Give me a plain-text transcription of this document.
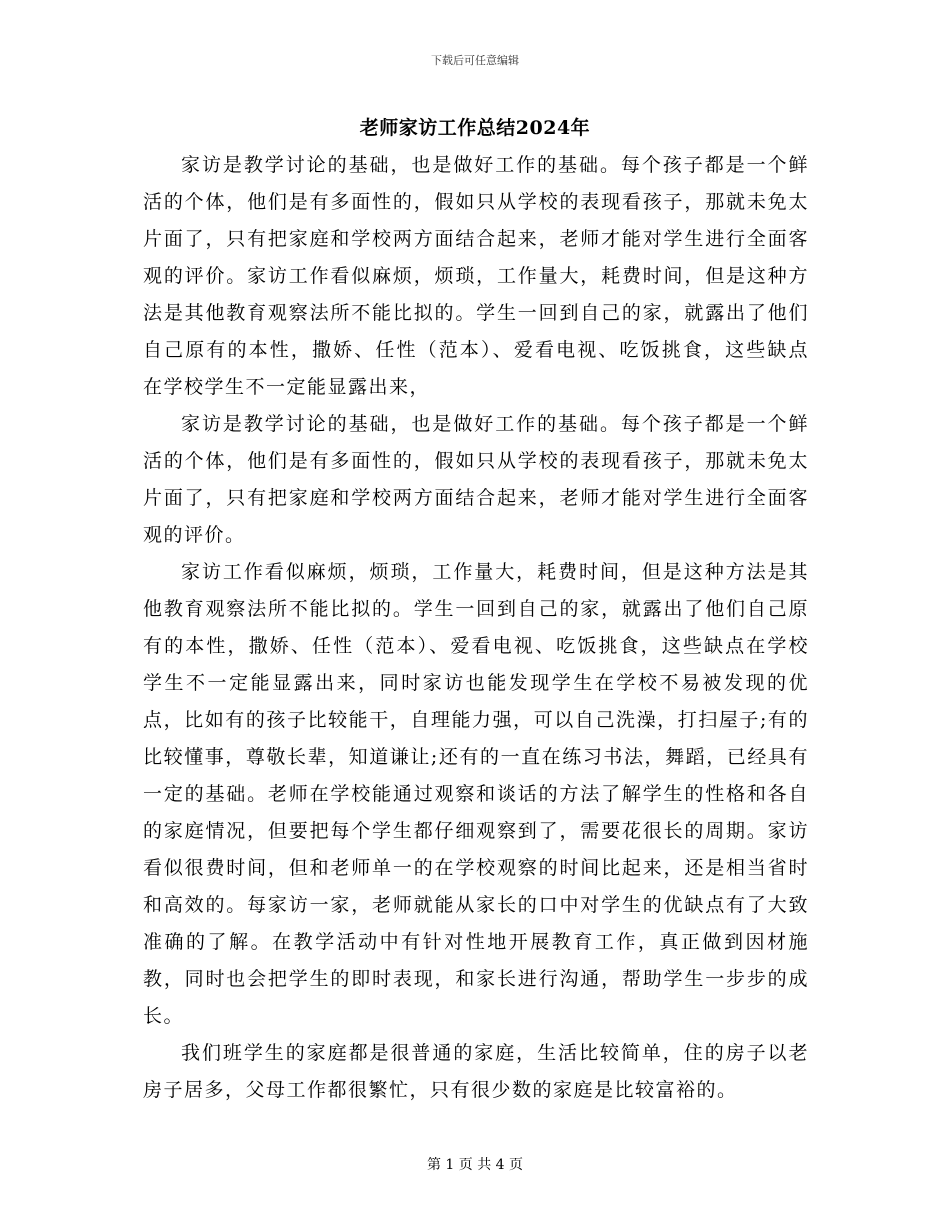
下载后可任意编辑
老师家访工作总结2024年

家访是教学讨论的基础，也是做好工作的基础。每个孩子都是一个鲜活的个体，他们是有多面性的，假如只从学校的表现看孩子，那就未免太片面了，只有把家庭和学校两方面结合起来，老师才能对学生进行全面客观的评价。家访工作看似麻烦，烦琐，工作量大，耗费时间，但是这种方法是其他教育观察法所不能比拟的。学生一回到自己的家，就露出了他们自己原有的本性，撒娇、任性（范本）、爱看电视、吃饭挑食，这些缺点在学校学生不一定能显露出来，

家访是教学讨论的基础，也是做好工作的基础。每个孩子都是一个鲜活的个体，他们是有多面性的，假如只从学校的表现看孩子，那就未免太片面了，只有把家庭和学校两方面结合起来，老师才能对学生进行全面客观的评价。

家访工作看似麻烦，烦琐，工作量大，耗费时间，但是这种方法是其他教育观察法所不能比拟的。学生一回到自己的家，就露出了他们自己原有的本性，撒娇、任性（范本）、爱看电视、吃饭挑食，这些缺点在学校学生不一定能显露出来，同时家访也能发现学生在学校不易被发现的优点，比如有的孩子比较能干，自理能力强，可以自己洗澡，打扫屋子;有的比较懂事，尊敬长辈，知道谦让;还有的一直在练习书法，舞蹈，已经具有一定的基础。老师在学校能通过观察和谈话的方法了解学生的性格和各自的家庭情况，但要把每个学生都仔细观察到了，需要花很长的周期。家访看似很费时间，但和老师单一的在学校观察的时间比起来，还是相当省时和高效的。每家访一家，老师就能从家长的口中对学生的优缺点有了大致准确的了解。在教学活动中有针对性地开展教育工作，真正做到因材施教，同时也会把学生的即时表现，和家长进行沟通，帮助学生一步步的成长。

我们班学生的家庭都是很普通的家庭，生活比较简单，住的房子以老房子居多，父母工作都很繁忙，只有很少数的家庭是比较富裕的。

第 1 页 共 4 页
